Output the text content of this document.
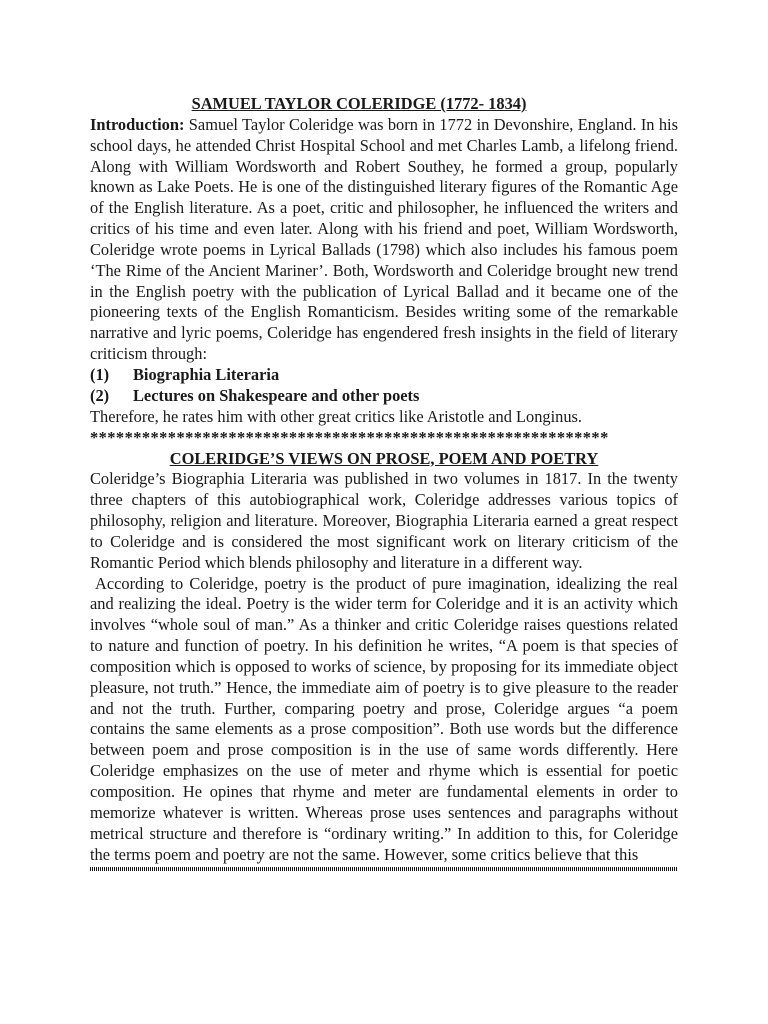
SAMUEL TAYLOR COLERIDGE (1772- 1834)

Introduction: Samuel Taylor Coleridge was born in 1772 in Devonshire, England. In his school days, he attended Christ Hospital School and met Charles Lamb, a lifelong friend. Along with William Wordsworth and Robert Southey, he formed a group, popularly known as Lake Poets. He is one of the distinguished literary figures of the Romantic Age of the English literature. As a poet, critic and philosopher, he influenced the writers and critics of his time and even later. Along with his friend and poet, William Wordsworth, Coleridge wrote poems in Lyrical Ballads (1798) which also includes his famous poem ‘The Rime of the Ancient Mariner’. Both, Wordsworth and Coleridge brought new trend in the English poetry with the publication of Lyrical Ballad and it became one of the pioneering texts of the English Romanticism. Besides writing some of the remarkable narrative and lyric poems, Coleridge has engendered fresh insights in the field of literary criticism through:

(1)	Biographia Literaria
(2)	Lectures on Shakespeare and other poets

Therefore, he rates him with other great critics like Aristotle and Longinus.

************************************************************
COLERIDGE’S VIEWS ON PROSE, POEM AND POETRY

Coleridge’s Biographia Literaria was published in two volumes in 1817. In the twenty three chapters of this autobiographical work, Coleridge addresses various topics of philosophy, religion and literature. Moreover, Biographia Literaria earned a great respect to Coleridge and is considered the most significant work on literary criticism of the Romantic Period which blends philosophy and literature in a different way.

According to Coleridge, poetry is the product of pure imagination, idealizing the real and realizing the ideal. Poetry is the wider term for Coleridge and it is an activity which involves “whole soul of man.” As a thinker and critic Coleridge raises questions related to nature and function of poetry. In his definition he writes, “A poem is that species of composition which is opposed to works of science, by proposing for its immediate object pleasure, not truth.” Hence, the immediate aim of poetry is to give pleasure to the reader and not the truth. Further, comparing poetry and prose, Coleridge argues “a poem contains the same elements as a prose composition”. Both use words but the difference between poem and prose composition is in the use of same words differently. Here Coleridge emphasizes on the use of meter and rhyme which is essential for poetic composition. He opines that rhyme and meter are fundamental elements in order to memorize whatever is written. Whereas prose uses sentences and paragraphs without metrical structure and therefore is “ordinary writing.” In addition to this, for Coleridge the terms poem and poetry are not the same. However, some critics believe that this
